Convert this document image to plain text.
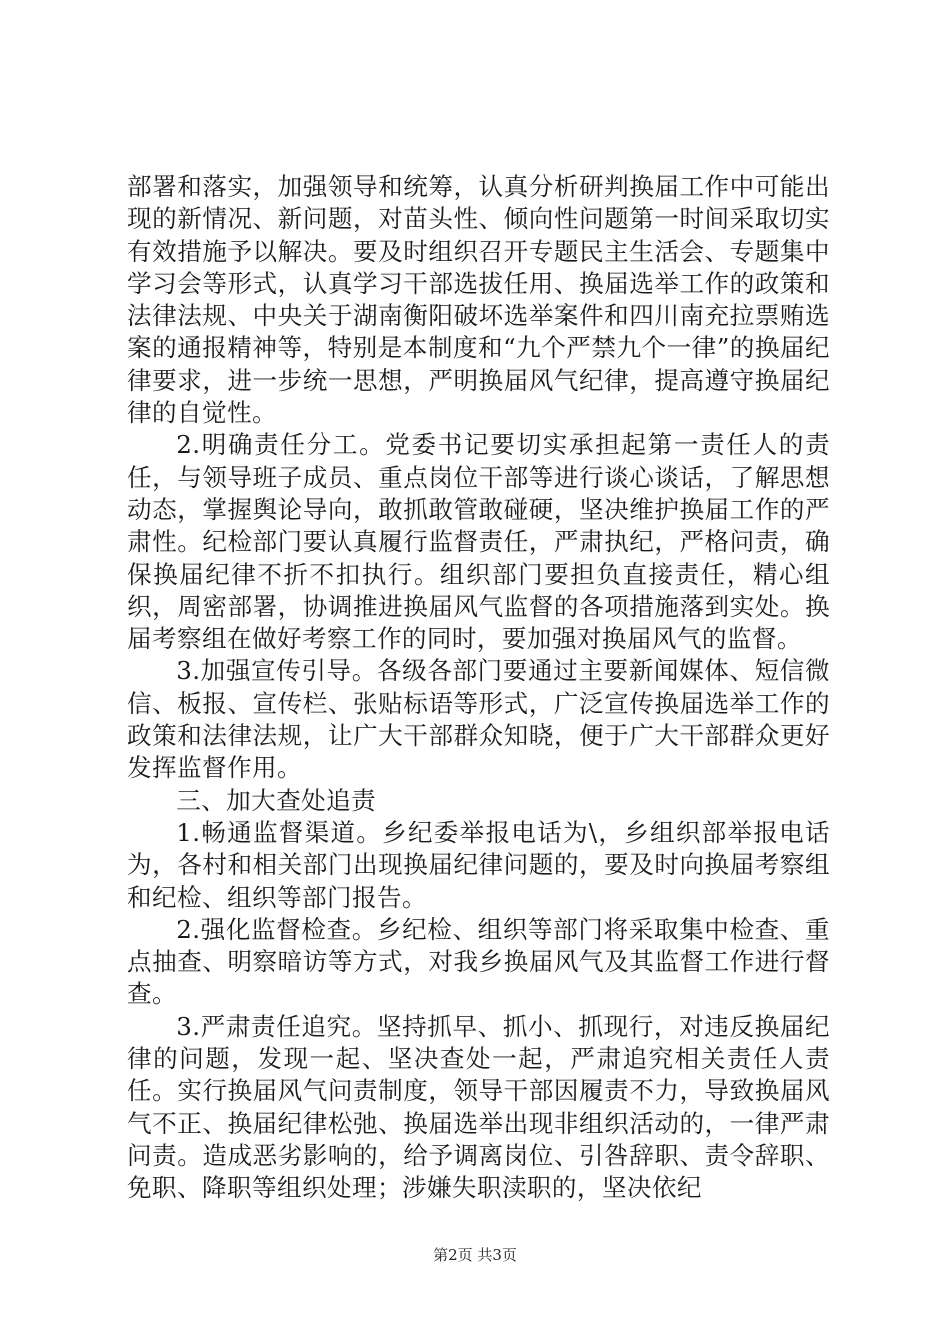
部署和落实，加强领导和统筹，认真分析研判换届工作中可能出现的新情况、新问题，对苗头性、倾向性问题第一时间采取切实有效措施予以解决。要及时组织召开专题民主生活会、专题集中学习会等形式，认真学习干部选拔任用、换届选举工作的政策和法律法规、中央关于湖南衡阳破坏选举案件和四川南充拉票贿选案的通报精神等，特别是本制度和“九个严禁九个一律”的换届纪律要求，进一步统一思想，严明换届风气纪律，提高遵守换届纪律的自觉性。

2.明确责任分工。党委书记要切实承担起第一责任人的责任，与领导班子成员、重点岗位干部等进行谈心谈话，了解思想动态，掌握舆论导向，敢抓敢管敢碰硬，坚决维护换届工作的严肃性。纪检部门要认真履行监督责任，严肃执纪，严格问责，确保换届纪律不折不扣执行。组织部门要担负直接责任，精心组织，周密部署，协调推进换届风气监督的各项措施落到实处。换届考察组在做好考察工作的同时，要加强对换届风气的监督。

3.加强宣传引导。各级各部门要通过主要新闻媒体、短信微信、板报、宣传栏、张贴标语等形式，广泛宣传换届选举工作的政策和法律法规，让广大干部群众知晓，便于广大干部群众更好发挥监督作用。

三、加大查处追责

1.畅通监督渠道。乡纪委举报电话为\，乡组织部举报电话为，各村和相关部门出现换届纪律问题的，要及时向换届考察组和纪检、组织等部门报告。

2.强化监督检查。乡纪检、组织等部门将采取集中检查、重点抽查、明察暗访等方式，对我乡换届风气及其监督工作进行督查。

3.严肃责任追究。坚持抓早、抓小、抓现行，对违反换届纪律的问题，发现一起、坚决查处一起，严肃追究相关责任人责任。实行换届风气问责制度，领导干部因履责不力，导致换届风气不正、换届纪律松弛、换届选举出现非组织活动的，一律严肃问责。造成恶劣影响的，给予调离岗位、引咎辞职、责令辞职、免职、降职等组织处理；涉嫌失职渎职的，坚决依纪

第2页 共3页
